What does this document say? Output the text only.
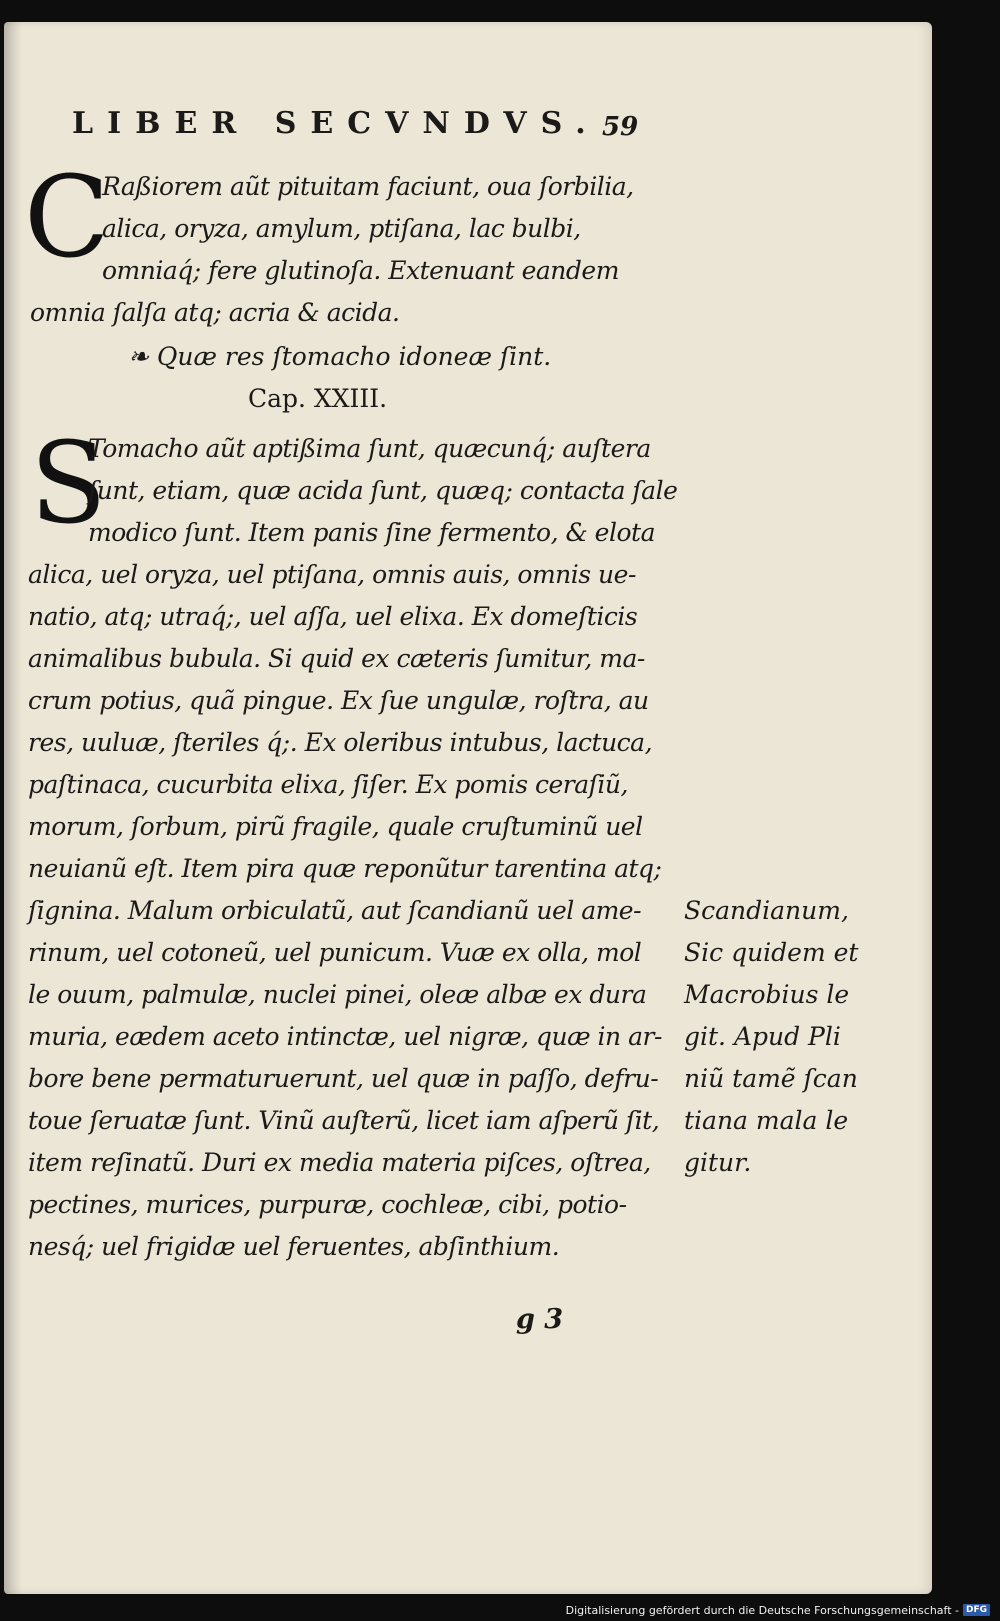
LIBER SECVNDVS. 59
C
Raßiorem aũt pituitam faciunt, oua ſorbilia,
alica, oryza, amylum, ptiſana, lac bulbi,
omniaq́; fere glutinoſa. Extenuant eandem
omnia ſalſa atq; acria & acida.
❧ Quæ res ſtomacho idoneæ ſint.
Cap. XXIII.
S
Tomacho aũt aptißima ſunt, quæcunq́; auſtera
ſunt, etiam, quæ acida ſunt, quæq; contacta ſale
modico ſunt. Item panis ſine fermento, & elota
alica, uel oryza, uel ptiſana, omnis auis, omnis ue-
natio, atq; utraq́;, uel aſſa, uel elixa. Ex domeſticis
animalibus bubula. Si quid ex cæteris ſumitur, ma-
crum potius, quã pingue. Ex ſue ungulæ, roſtra, au
res, uuluæ, ſteriles q́;. Ex oleribus intubus, lactuca,
paſtinaca, cucurbita elixa, ſiſer. Ex pomis ceraſiũ,
morum, ſorbum, pirũ fragile, quale cruſtuminũ uel
neuianũ eſt. Item pira quæ reponũtur tarentina atq;
ſignina. Malum orbiculatũ, aut ſcandianũ uel ame-
rinum, uel cotoneũ, uel punicum. Vuæ ex olla, mol
le ouum, palmulæ, nuclei pinei, oleæ albæ ex dura
muria, eædem aceto intinctæ, uel nigræ, quæ in ar-
bore bene permaturuerunt, uel quæ in paſſo, defru-
toue ſeruatæ ſunt. Vinũ auſterũ, licet iam aſperũ ſit,
item reſinatũ. Duri ex media materia piſces, oſtrea,
pectines, murices, purpuræ, cochleæ, cibi, potio-
nesq́; uel frigidæ uel feruentes, abſinthium.
Scandianum,
Sic quidem et
Macrobius le
git. Apud Pli
niũ tamẽ ſcan
tiana mala le
gitur.
g 3
Digitalisierung gefördert durch die Deutsche Forschungsgemeinschaft - DFG
